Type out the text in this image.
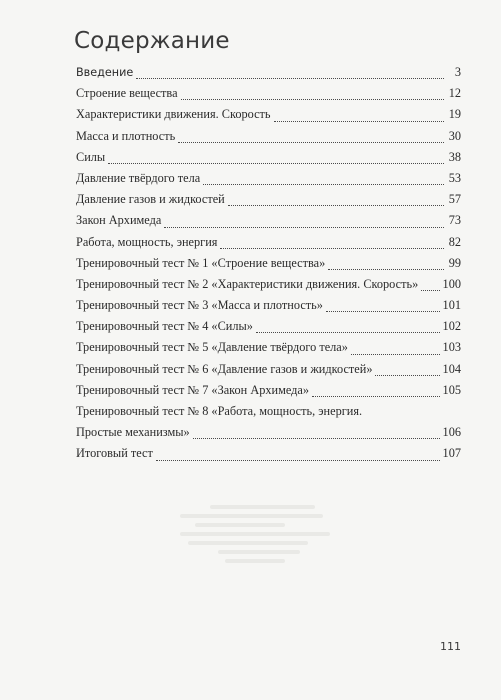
Содержание
Введение	3
Строение вещества	12
Характеристики движения. Скорость	19
Масса и плотность	30
Силы	38
Давление твёрдого тела	53
Давление газов и жидкостей	57
Закон Архимеда	73
Работа, мощность, энергия	82
Тренировочный тест № 1 «Строение вещества»	99
Тренировочный тест № 2 «Характеристики движения. Скорость» 100
Тренировочный тест № 3 «Масса и плотность»	101
Тренировочный тест № 4 «Силы»	102
Тренировочный тест № 5 «Давление твёрдого тела»	103
Тренировочный тест № 6 «Давление газов и жидкостей»	104
Тренировочный тест № 7 «Закон Архимеда»	105
Тренировочный тест № 8 «Работа, мощность, энергия.
Простые механизмы»	106
Итоговый тест	107
111
